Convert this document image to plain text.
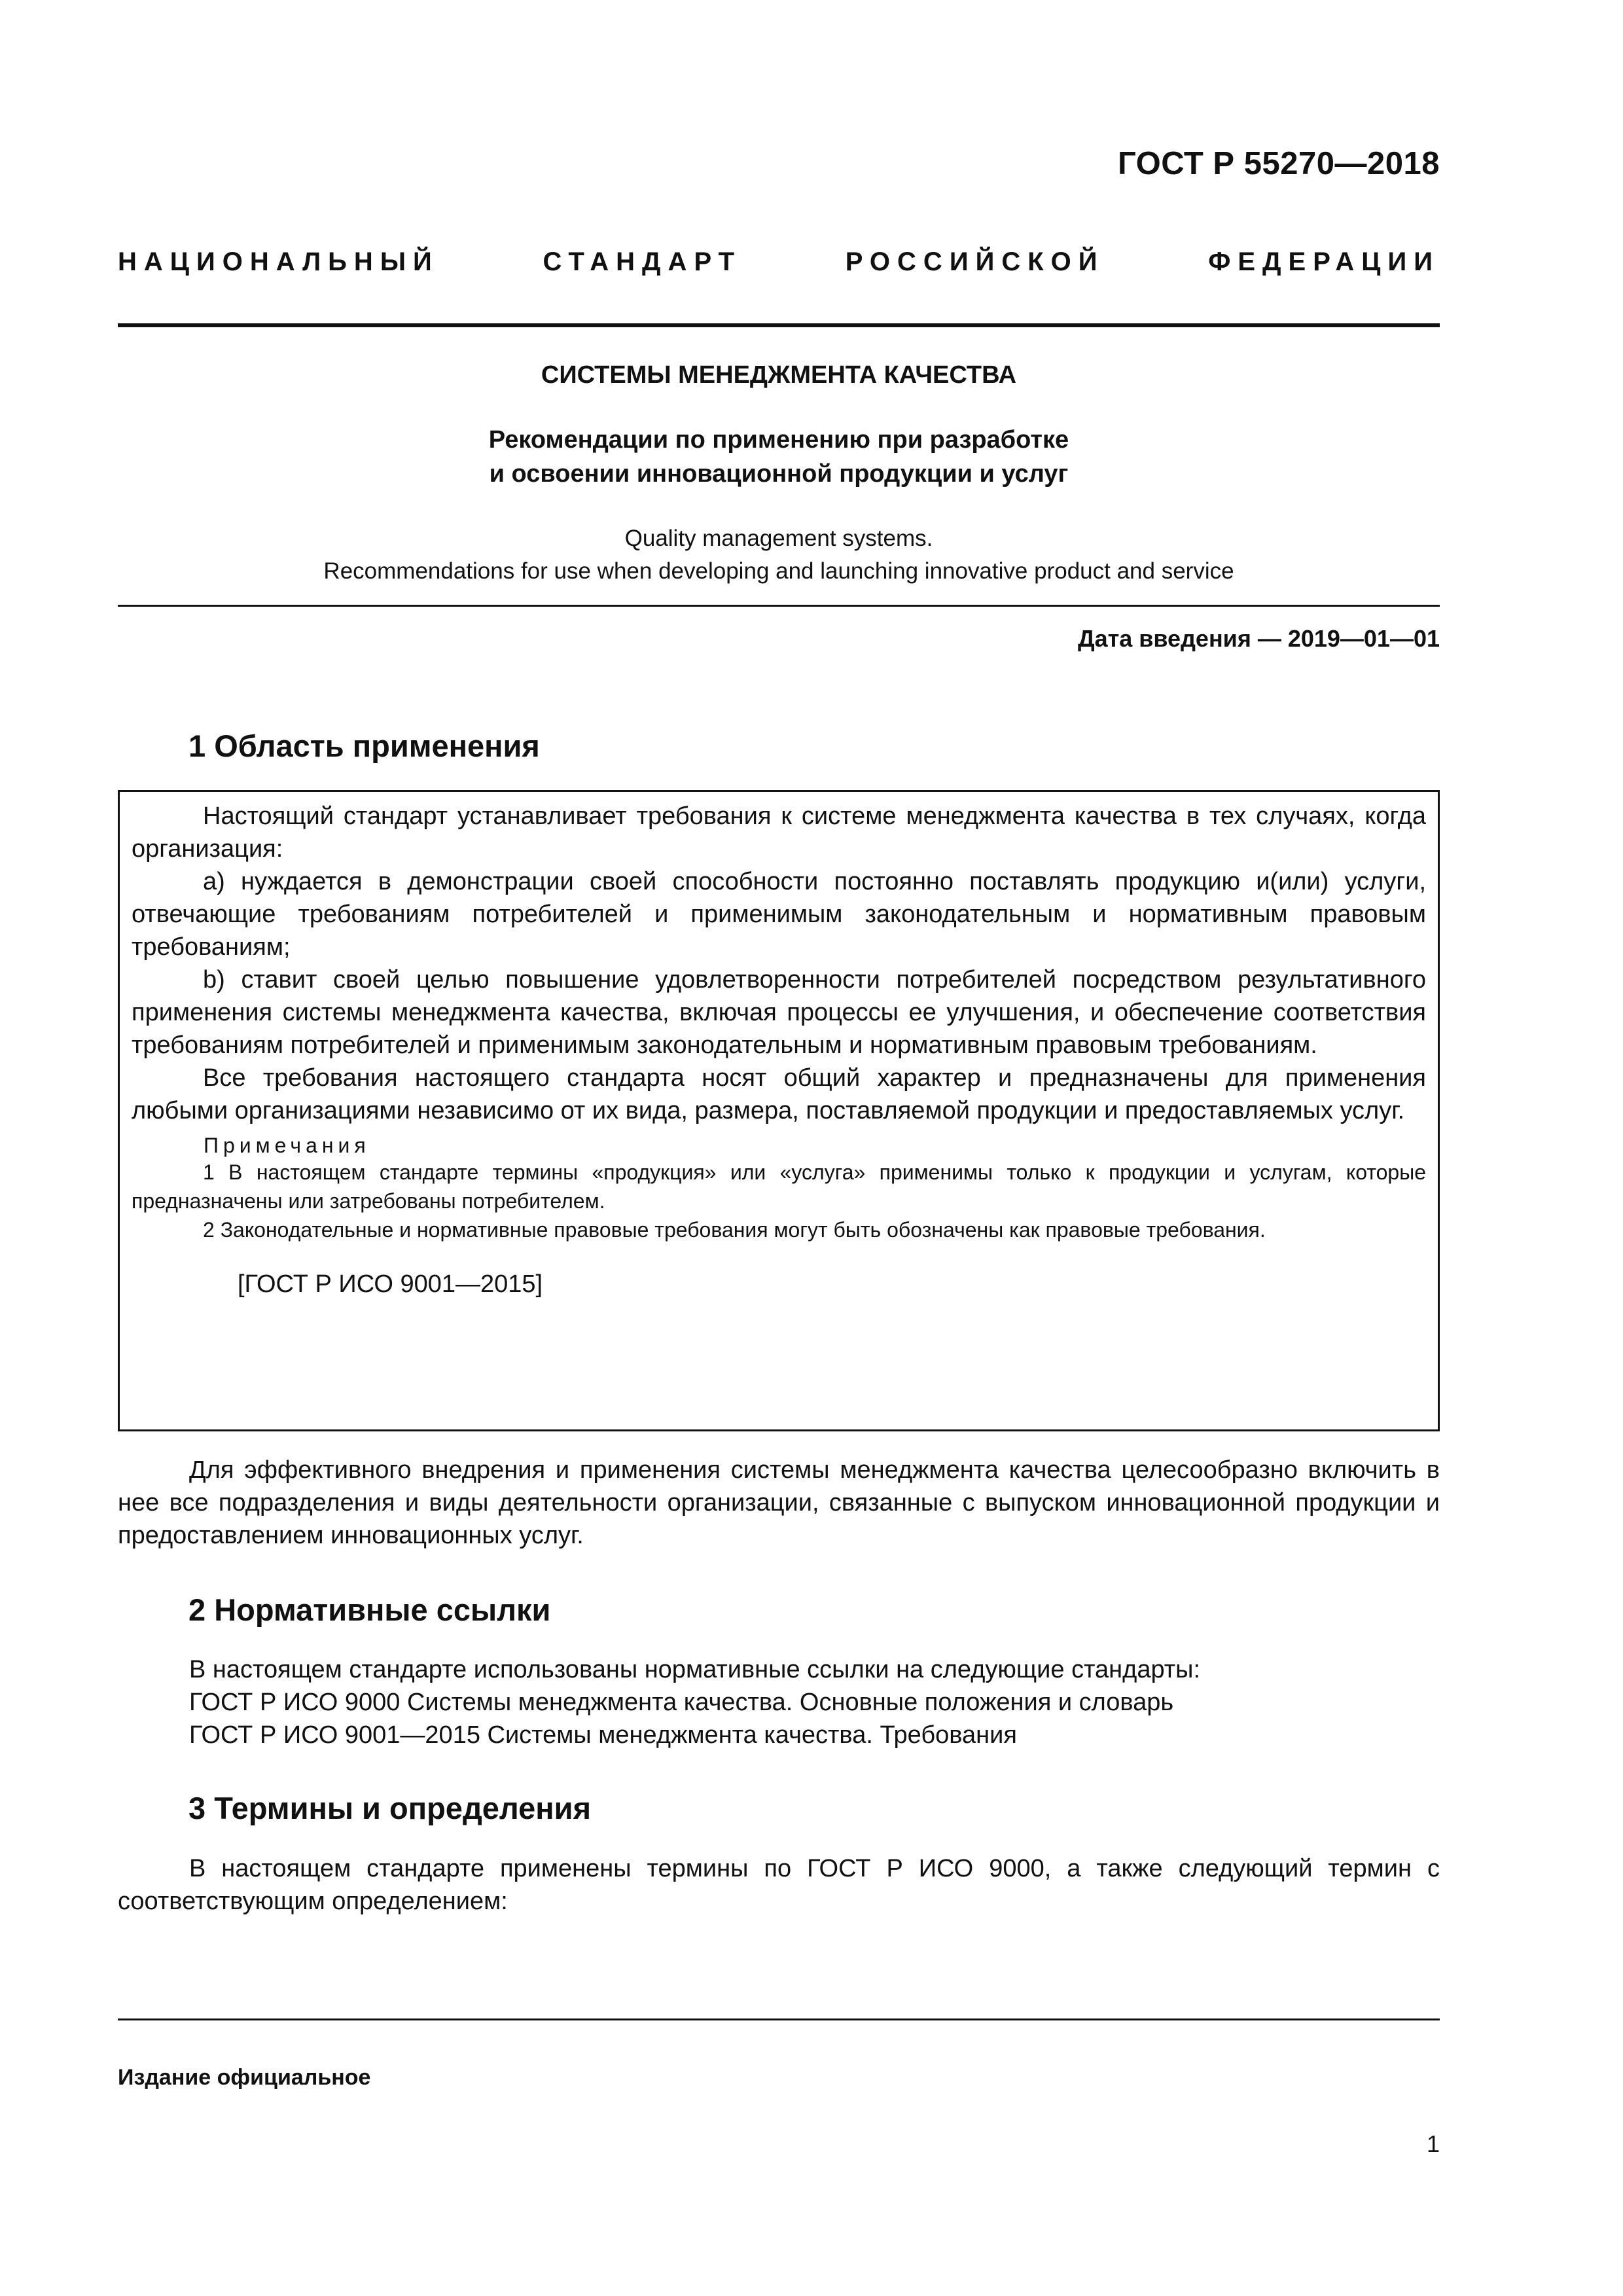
ГОСТ Р 55270—2018

НАЦИОНАЛЬНЫЙ СТАНДАРТ РОССИЙСКОЙ ФЕДЕРАЦИИ

СИСТЕМЫ МЕНЕДЖМЕНТА КАЧЕСТВА

Рекомендации по применению при разработке
и освоении инновационной продукции и услуг
Quality management systems.
Recommendations for use when developing and launching innovative product and service

Дата введения — 2019—01—01

1 Область применения

Настоящий стандарт устанавливает требования к системе менеджмента качества в тех случаях, когда организация:

а) нуждается в демонстрации своей способности постоянно поставлять продукцию и(или) услуги, отвечающие требованиям потребителей и применимым законодательным и нормативным правовым требованиям;

b) ставит своей целью повышение удовлетворенности потребителей посредством результативного применения системы менеджмента качества, включая процессы ее улучшения, и обеспечение соответствия требованиям потребителей и применимым законодательным и нормативным правовым требованиям.

Все требования настоящего стандарта носят общий характер и предназначены для применения любыми организациями независимо от их вида, размера, поставляемой продукции и предоставляемых услуг.

Примечания

1 В настоящем стандарте термины «продукция» или «услуга» применимы только к продукции и услугам, которые предназначены или затребованы потребителем.

2 Законодательные и нормативные правовые требования могут быть обозначены как правовые требования.

[ГОСТ Р ИСО 9001—2015]

Для эффективного внедрения и применения системы менеджмента качества целесообразно включить в нее все подразделения и виды деятельности организации, связанные с выпуском инновационной продукции и предоставлением инновационных услуг.

2 Нормативные ссылки

В настоящем стандарте использованы нормативные ссылки на следующие стандарты:

ГОСТ Р ИСО 9000 Системы менеджмента качества. Основные положения и словарь

ГОСТ Р ИСО 9001—2015 Системы менеджмента качества. Требования

3 Термины и определения

В настоящем стандарте применены термины по ГОСТ Р ИСО 9000, а также следующий термин с соответствующим определением:

Издание официальное

1
